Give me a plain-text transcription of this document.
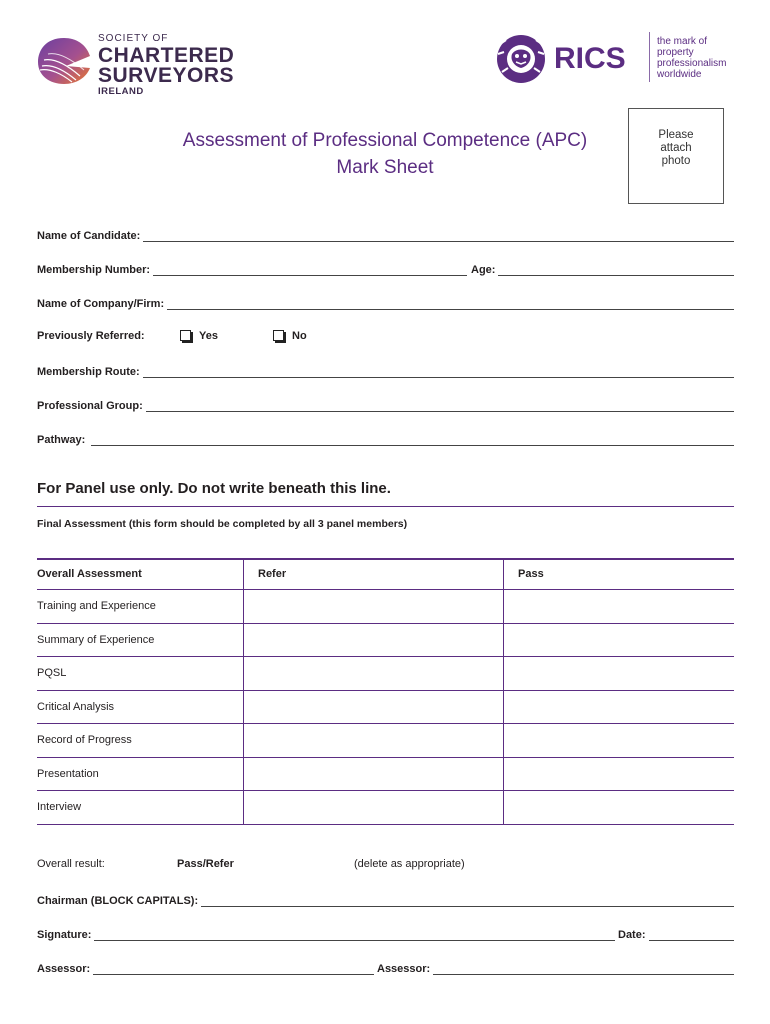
SOCIETY OF
CHARTERED
SURVEYORS
IRELAND
RICS
the mark of
property
professionalism
worldwide
Assessment of Professional Competence (APC)
Mark Sheet
Please
attach
photo
Name of Candidate:
Membership Number:	Age:
Name of Company/Firm:
Previously Referred:	Yes	No
Membership Route:
Professional Group:
Pathway:
For Panel use only. Do not write beneath this line.
Final Assessment (this form should be completed by all 3 panel members)
Overall Assessment	Refer	Pass
Training and Experience		
Summary of Experience		
PQSL		
Critical Analysis		
Record of Progress		
Presentation		
Interview		
Overall result:	Pass/Refer	(delete as appropriate)
Chairman (BLOCK CAPITALS):
Signature:	Date:
Assessor:	Assessor:
